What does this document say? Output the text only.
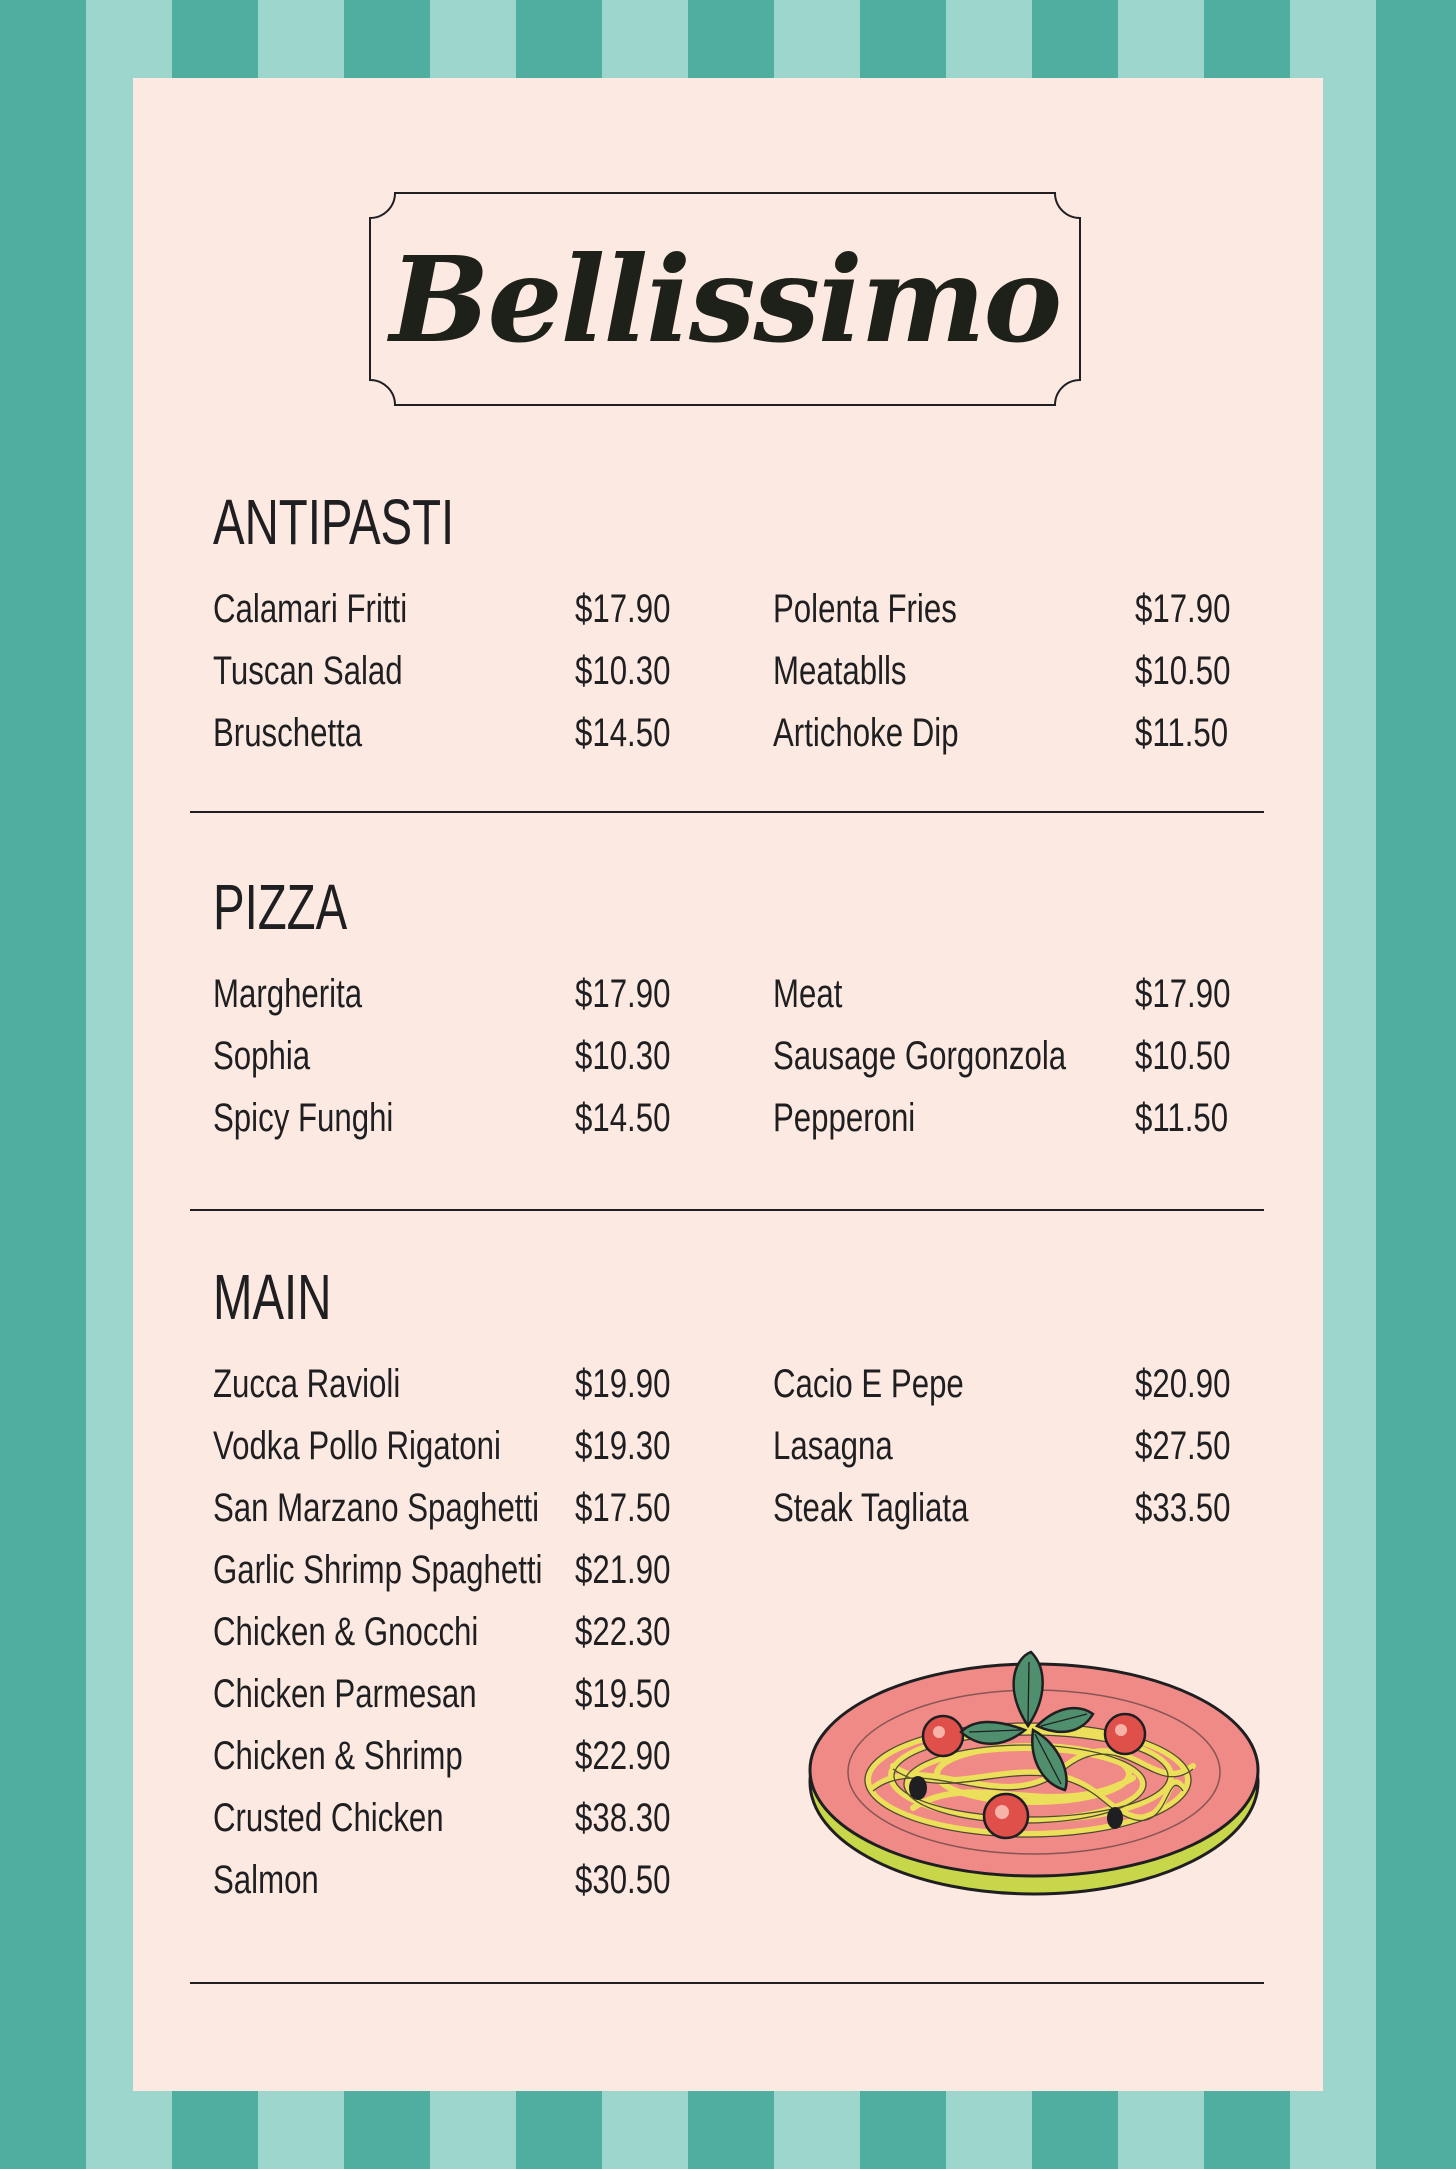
Bellissimo
ANTIPASTI
Calamari Fritti	$17.90
Tuscan Salad	$10.30
Bruschetta	$14.50
Polenta Fries	$17.90
Meatablls	$10.50
Artichoke Dip	$11.50
PIZZA
Margherita	$17.90
Sophia	$10.30
Spicy Funghi	$14.50
Meat	$17.90
Sausage Gorgonzola $10.50
Pepperoni	$11.50
MAIN
Zucca Ravioli	$19.90
Vodka Pollo Rigatoni $19.30
San Marzano Spaghetti $17.50
Garlic Shrimp Spaghetti $21.90
Chicken & Gnocchi $22.30
Chicken Parmesan $19.50
Chicken & Shrimp	$22.90
Crusted Chicken	$38.30
Salmon	$30.50
Cacio E Pepe	$20.90
Lasagna	$27.50
Steak Tagliata	$33.50
